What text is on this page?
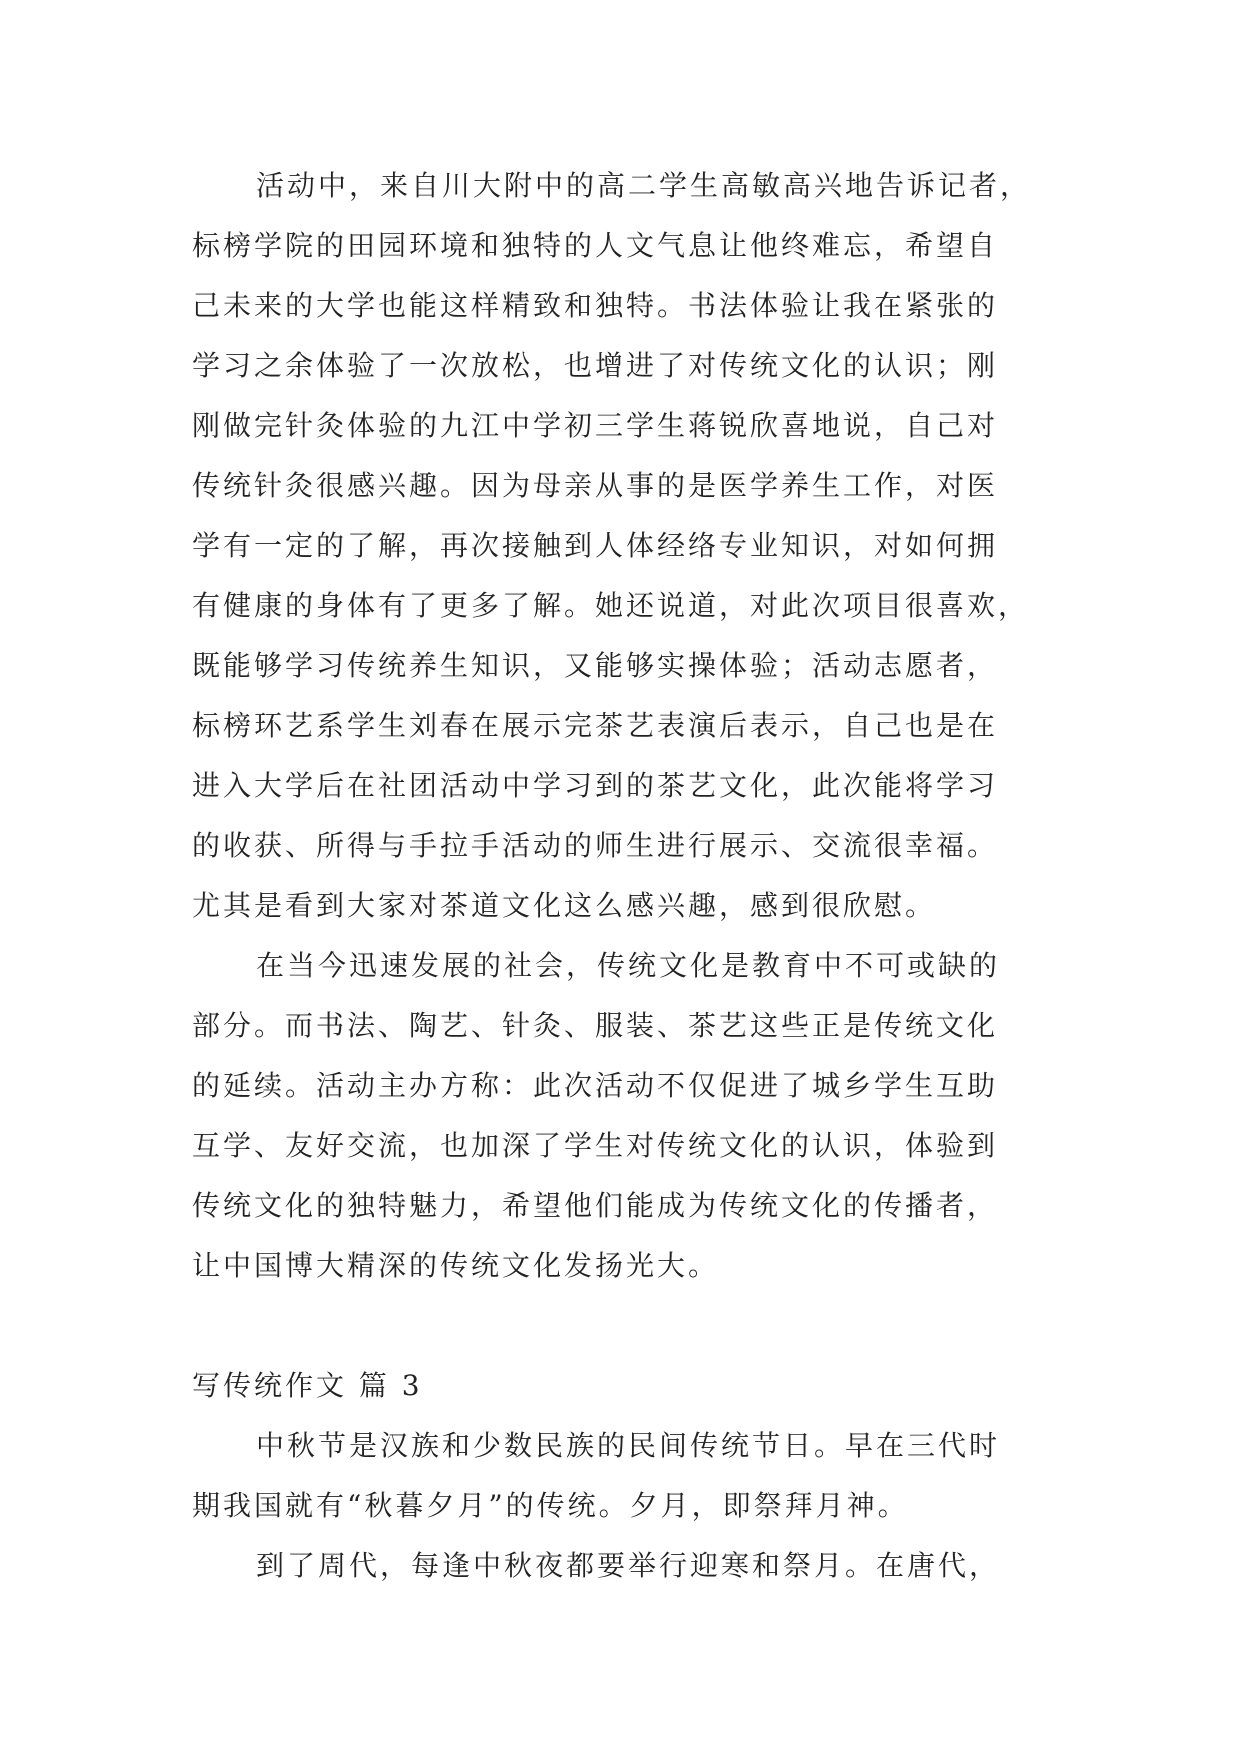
活动中，来自川大附中的高二学生高敏高兴地告诉记者，
标榜学院的田园环境和独特的人文气息让他终难忘，希望自
己未来的大学也能这样精致和独特。书法体验让我在紧张的
学习之余体验了一次放松，也增进了对传统文化的认识；刚
刚做完针灸体验的九江中学初三学生蒋锐欣喜地说，自己对
传统针灸很感兴趣。因为母亲从事的是医学养生工作，对医
学有一定的了解，再次接触到人体经络专业知识，对如何拥
有健康的身体有了更多了解。她还说道，对此次项目很喜欢，
既能够学习传统养生知识，又能够实操体验；活动志愿者，
标榜环艺系学生刘春在展示完茶艺表演后表示，自己也是在
进入大学后在社团活动中学习到的茶艺文化，此次能将学习
的收获、所得与手拉手活动的师生进行展示、交流很幸福。
尤其是看到大家对茶道文化这么感兴趣，感到很欣慰。
在当今迅速发展的社会，传统文化是教育中不可或缺的
部分。而书法、陶艺、针灸、服装、茶艺这些正是传统文化
的延续。活动主办方称：此次活动不仅促进了城乡学生互助
互学、友好交流，也加深了学生对传统文化的认识，体验到
传统文化的独特魅力，希望他们能成为传统文化的传播者，
让中国博大精深的传统文化发扬光大。
写传统作文 篇 3
中秋节是汉族和少数民族的民间传统节日。早在三代时
期我国就有“秋暮夕月”的传统。夕月，即祭拜月神。
到了周代，每逢中秋夜都要举行迎寒和祭月。在唐代，
